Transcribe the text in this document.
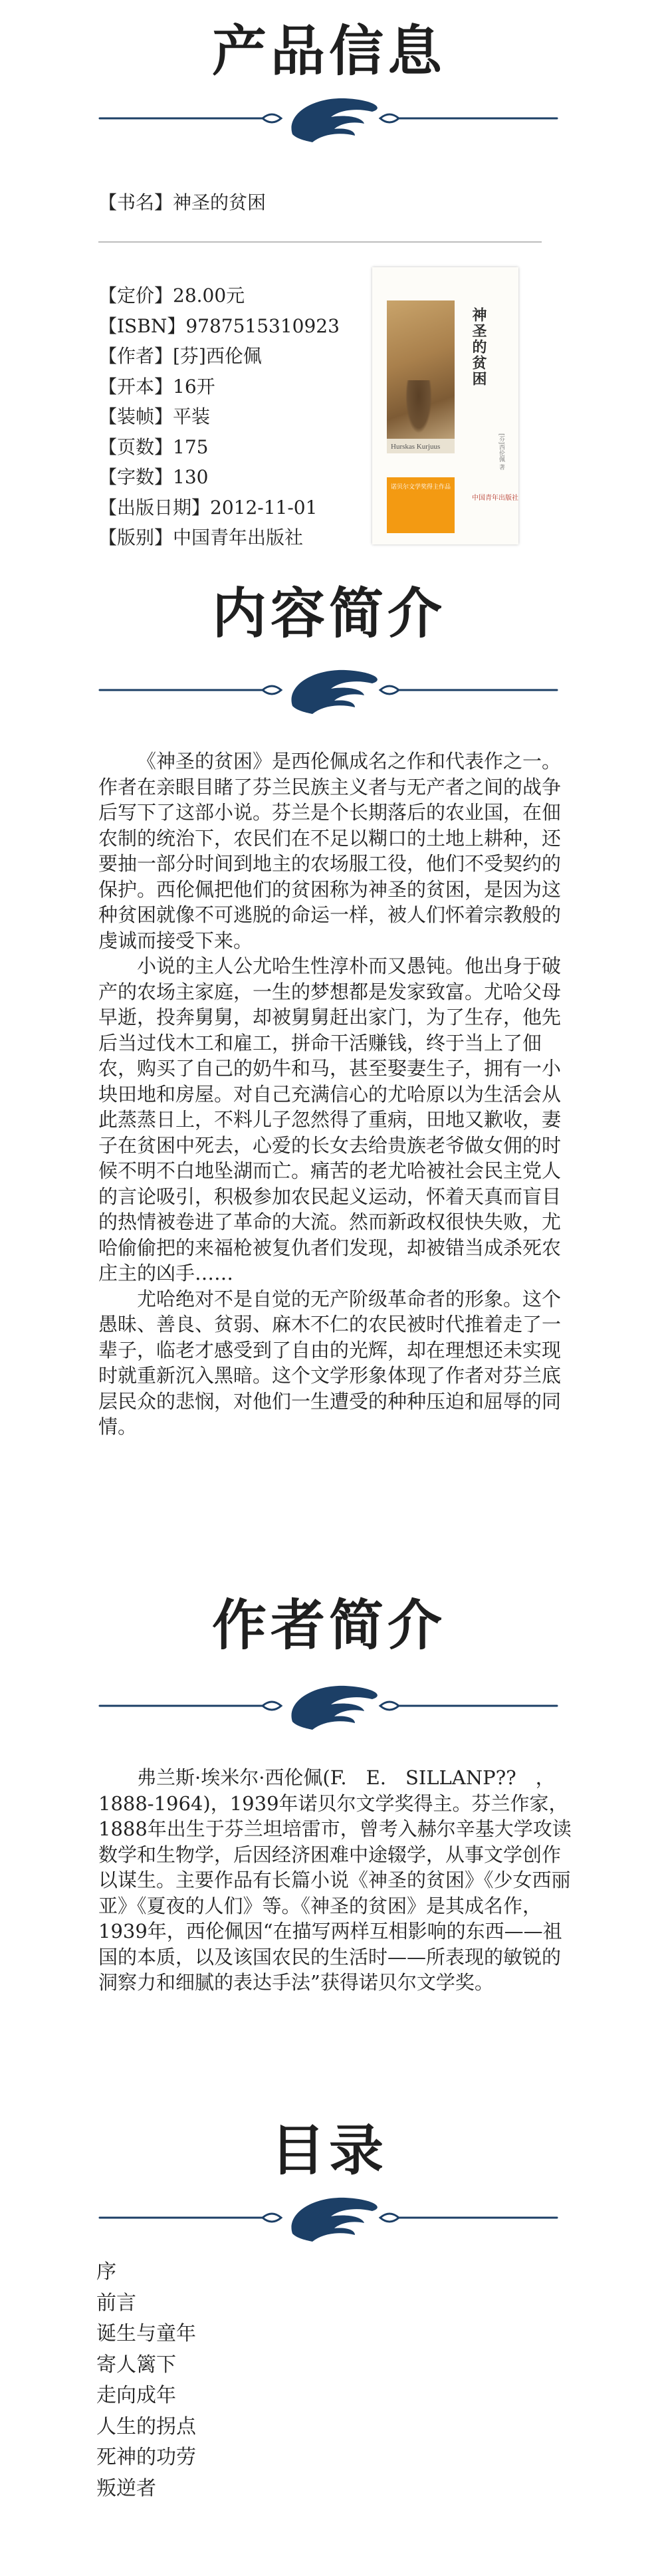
产品信息
【书名】神圣的贫困
【定价】28.00元
【ISBN】9787515310923
【作者】[芬]西伦佩
【开本】16开
【装帧】平装
【页数】175
【字数】130
【出版日期】2012-11-01
【版别】中国青年出版社
Hurskas Kurjuus
诺贝尔文学奖得主作品
神圣的贫困
[芬]西伦佩 著
中国青年出版社
内容简介

《神圣的贫困》是西伦佩成名之作和代表作之一。作者在亲眼目睹了芬兰民族主义者与无产者之间的战争后写下了这部小说。芬兰是个长期落后的农业国，在佃农制的统治下，农民们在不足以糊口的土地上耕种，还要抽一部分时间到地主的农场服工役，他们不受契约的保护。西伦佩把他们的贫困称为神圣的贫困，是因为这种贫困就像不可逃脱的命运一样，被人们怀着宗教般的虔诚而接受下来。

小说的主人公尤哈生性淳朴而又愚钝。他出身于破产的农场主家庭，一生的梦想都是发家致富。尤哈父母早逝，投奔舅舅，却被舅舅赶出家门，为了生存，他先后当过伐木工和雇工，拼命干活赚钱，终于当上了佃农，购买了自己的奶牛和马，甚至娶妻生子，拥有一小块田地和房屋。对自己充满信心的尤哈原以为生活会从此蒸蒸日上，不料儿子忽然得了重病，田地又歉收，妻子在贫困中死去，心爱的长女去给贵族老爷做女佣的时候不明不白地坠湖而亡。痛苦的老尤哈被社会民主党人的言论吸引，积极参加农民起义运动，怀着天真而盲目的热情被卷进了革命的大流。然而新政权很快失败，尤哈偷偷把的来福枪被复仇者们发现，却被错当成杀死农庄主的凶手……

尤哈绝对不是自觉的无产阶级革命者的形象。这个愚昧、善良、贫弱、麻木不仁的农民被时代推着走了一辈子，临老才感受到了自由的光辉，却在理想还未实现时就重新沉入黑暗。这个文学形象体现了作者对芬兰底层民众的悲悯，对他们一生遭受的种种压迫和屈辱的同情。

作者简介

弗兰斯·埃米尔·西伦佩(F.　E.　SILLANP??　，1888-1964)，1939年诺贝尔文学奖得主。芬兰作家，1888年出生于芬兰坦培雷市，曾考入赫尔辛基大学攻读数学和生物学，后因经济困难中途辍学，从事文学创作以谋生。主要作品有长篇小说《神圣的贫困》《少女西丽亚》《夏夜的人们》等。《神圣的贫困》是其成名作，1939年，西伦佩因“在描写两样互相影响的东西——祖国的本质，以及该国农民的生活时——所表现的敏锐的洞察力和细腻的表达手法”获得诺贝尔文学奖。

目录
序
前言
诞生与童年
寄人篱下
走向成年
人生的拐点
死神的功劳
叛逆者
